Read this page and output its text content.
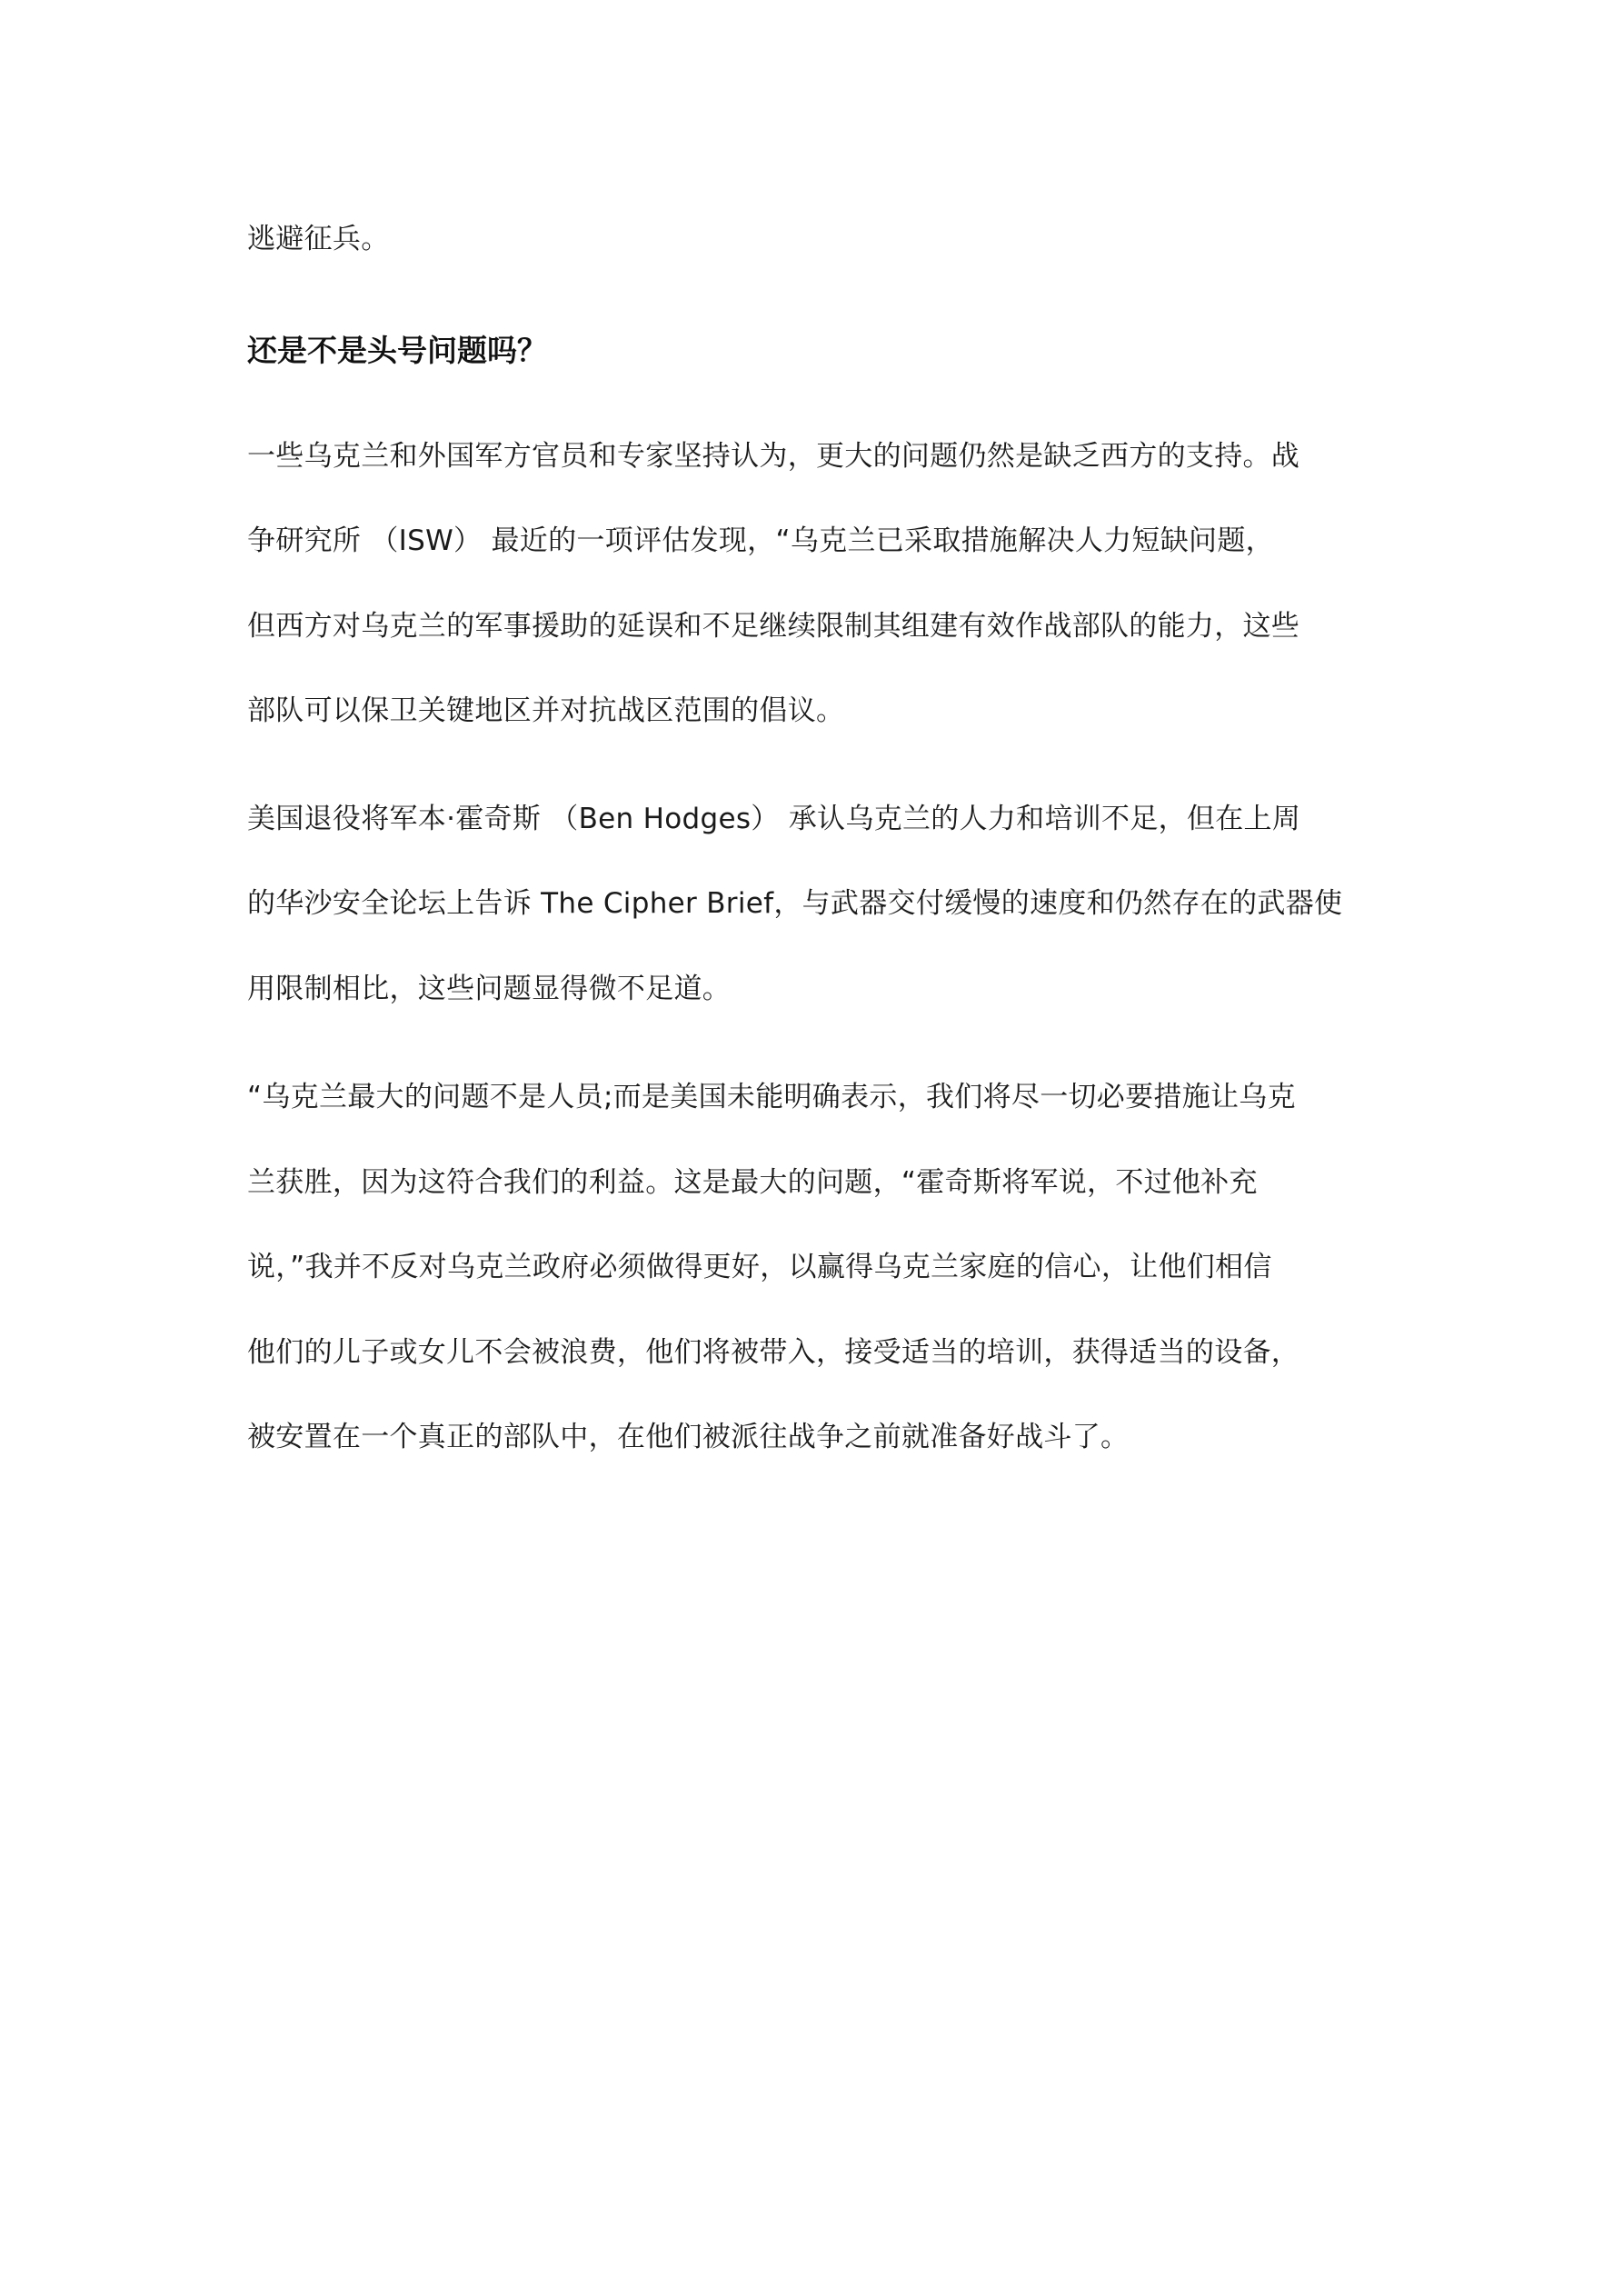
逃避征兵。
还是不是头号问题吗？
一些乌克兰和外国军方官员和专家坚持认为，更大的问题仍然是缺乏西方的支持。战
争研究所 （ISW） 最近的一项评估发现，“乌克兰已采取措施解决人力短缺问题，
但西方对乌克兰的军事援助的延误和不足继续限制其组建有效作战部队的能力，这些
部队可以保卫关键地区并对抗战区范围的倡议。
美国退役将军本·霍奇斯 （Ben Hodges） 承认乌克兰的人力和培训不足，但在上周
的华沙安全论坛上告诉 The Cipher Brief，与武器交付缓慢的速度和仍然存在的武器使
用限制相比，这些问题显得微不足道。
“乌克兰最大的问题不是人员;而是美国未能明确表示，我们将尽一切必要措施让乌克
兰获胜，因为这符合我们的利益。这是最大的问题，“霍奇斯将军说，不过他补充
说，”我并不反对乌克兰政府必须做得更好，以赢得乌克兰家庭的信心，让他们相信
他们的儿子或女儿不会被浪费，他们将被带入，接受适当的培训，获得适当的设备，
被安置在一个真正的部队中，在他们被派往战争之前就准备好战斗了。
